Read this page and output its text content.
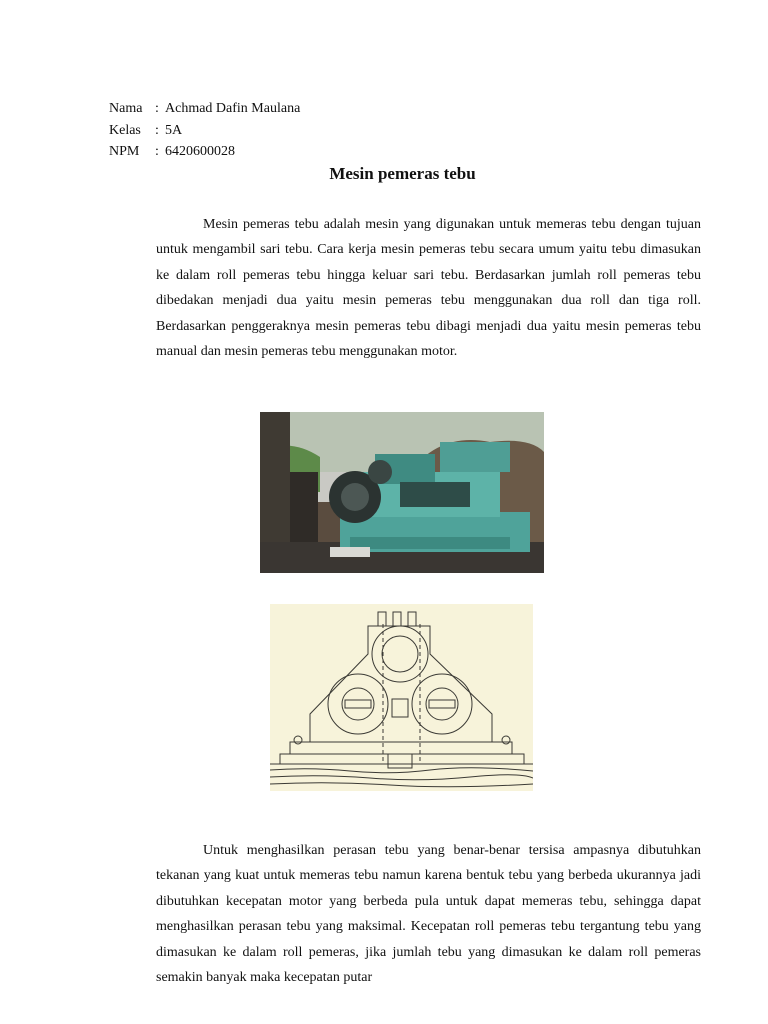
Nama : Achmad Dafin Maulana
Kelas	: 5A
NPM	: 6420600028
Mesin pemeras tebu
Mesin pemeras tebu adalah mesin yang digunakan untuk memeras tebu dengan tujuan untuk mengambil sari tebu. Cara kerja mesin pemeras tebu secara umum yaitu tebu dimasukan ke dalam roll pemeras tebu hingga keluar sari tebu. Berdasarkan jumlah roll pemeras tebu dibedakan menjadi dua yaitu mesin pemeras tebu menggunakan dua roll dan tiga roll. Berdasarkan penggeraknya mesin pemeras tebu dibagi menjadi dua yaitu mesin pemeras tebu manual dan mesin pemeras tebu menggunakan motor.
Untuk menghasilkan perasan tebu yang benar-benar tersisa ampasnya dibutuhkan tekanan yang kuat untuk memeras tebu namun karena bentuk tebu yang berbeda ukurannya jadi dibutuhkan kecepatan motor yang berbeda pula untuk dapat memeras tebu, sehingga dapat menghasilkan perasan tebu yang maksimal. Kecepatan roll pemeras tebu tergantung tebu yang dimasukan ke dalam roll pemeras, jika jumlah tebu yang dimasukan ke dalam roll pemeras semakin banyak maka kecepatan putar
